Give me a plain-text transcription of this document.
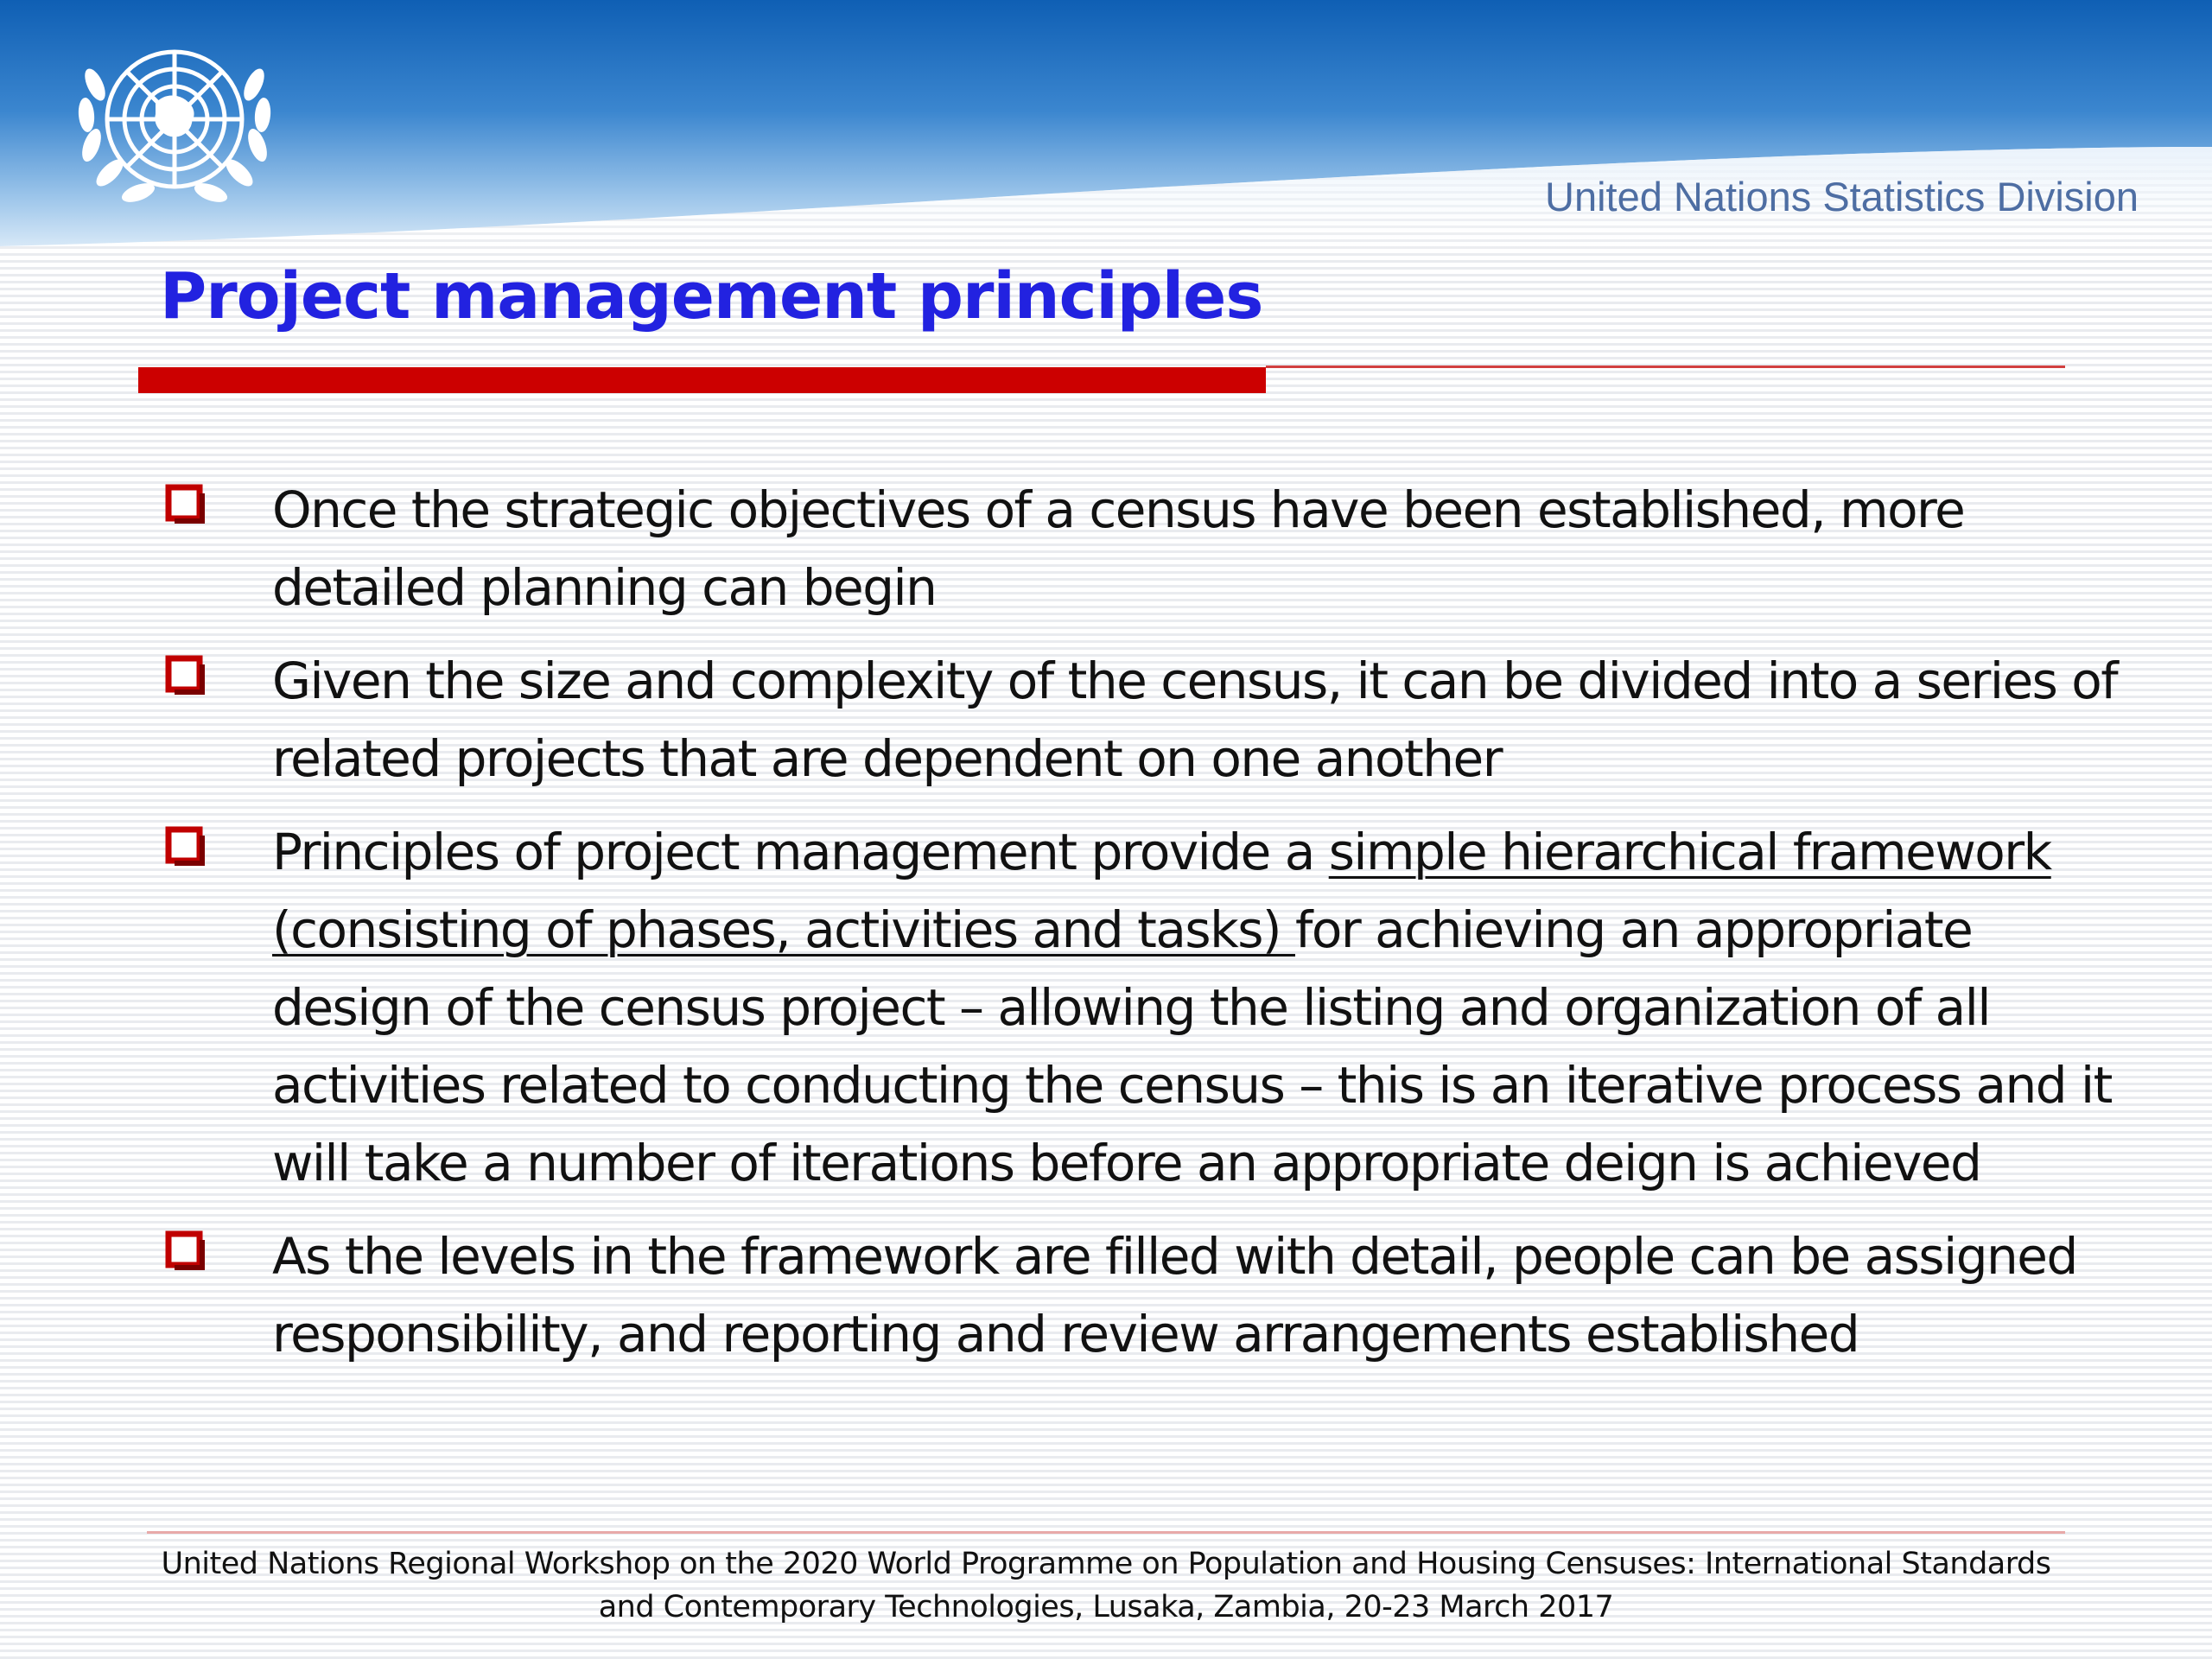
United Nations Statistics Division
Project management principles
Once the strategic objectives of a census have been established, more detailed planning can begin
Given the size and complexity of the census, it can be divided into a series of related projects that are dependent on one another
Principles of project management provide a simple hierarchical framework (consisting of phases, activities and tasks) for achieving an appropriate design of the census project – allowing the listing and organization of all activities related to conducting the census – this is an iterative process and it will take a number of iterations before an appropriate deign is achieved
As the levels in the framework are filled with detail, people can be assigned responsibility, and reporting and review arrangements established
United Nations Regional Workshop on the 2020 World Programme on Population and Housing Censuses: International Standards
and Contemporary Technologies, Lusaka, Zambia, 20-23 March 2017
